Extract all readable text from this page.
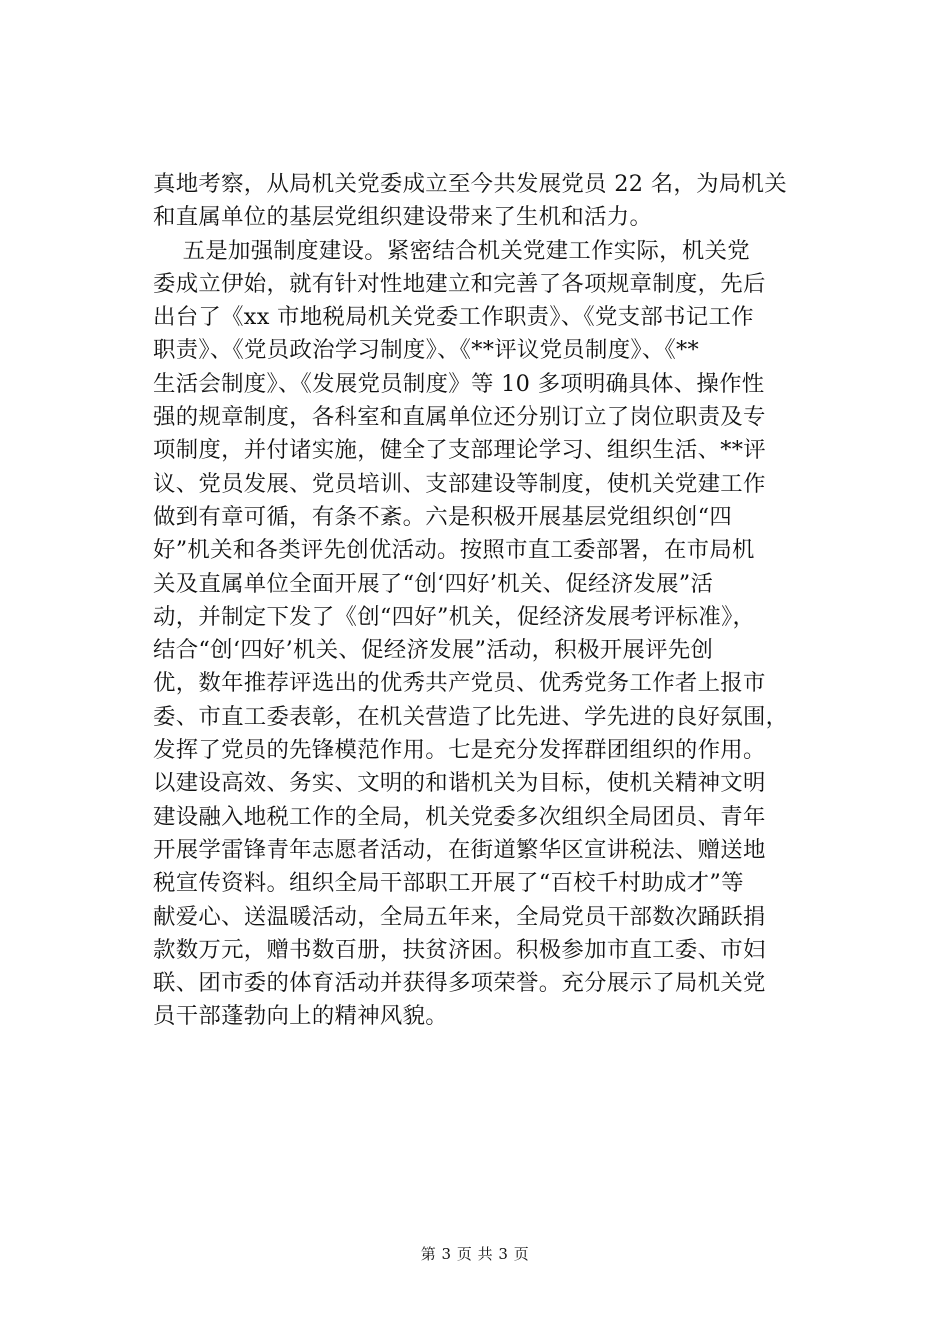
真地考察，从局机关党委成立至今共发展党员 22 名，为局机关

和直属单位的基层党组织建设带来了生机和活力。

五是加强制度建设。紧密结合机关党建工作实际，机关党

委成立伊始，就有针对性地建立和完善了各项规章制度，先后

出台了《xx 市地税局机关党委工作职责》、《党支部书记工作

职责》、《党员政治学习制度》、《**评议党员制度》、《**

生活会制度》、《发展党员制度》等 10 多项明确具体、操作性

强的规章制度，各科室和直属单位还分别订立了岗位职责及专

项制度，并付诸实施，健全了支部理论学习、组织生活、**评

议、党员发展、党员培训、支部建设等制度，使机关党建工作

做到有章可循，有条不紊。六是积极开展基层党组织创“四

好”机关和各类评先创优活动。按照市直工委部署，在市局机

关及直属单位全面开展了“创‘四好’机关、促经济发展”活

动，并制定下发了《创“四好”机关，促经济发展考评标准》，

结合“创‘四好’机关、促经济发展”活动，积极开展评先创

优，数年推荐评选出的优秀共产党员、优秀党务工作者上报市

委、市直工委表彰，在机关营造了比先进、学先进的良好氛围，

发挥了党员的先锋模范作用。七是充分发挥群团组织的作用。

以建设高效、务实、文明的和谐机关为目标，使机关精神文明

建设融入地税工作的全局，机关党委多次组织全局团员、青年

开展学雷锋青年志愿者活动，在街道繁华区宣讲税法、赠送地

税宣传资料。组织全局干部职工开展了“百校千村助成才”等

献爱心、送温暖活动，全局五年来，全局党员干部数次踊跃捐

款数万元，赠书数百册，扶贫济困。积极参加市直工委、市妇

联、团市委的体育活动并获得多项荣誉。充分展示了局机关党

员干部蓬勃向上的精神风貌。

第 3 页 共 3 页
